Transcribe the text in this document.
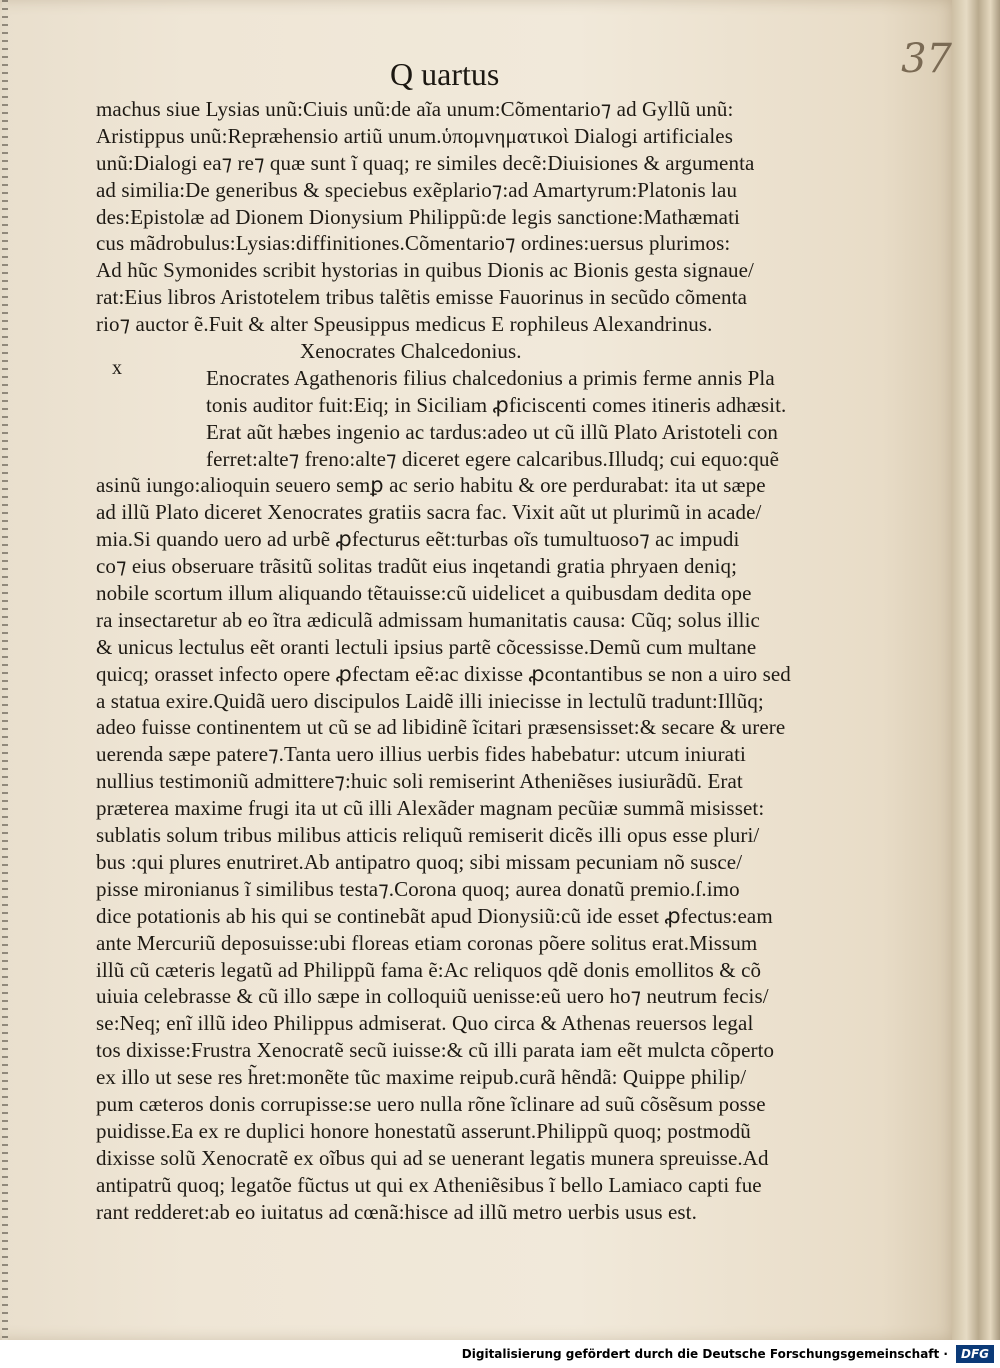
37
Q uartus
x
machus siue Lysias unũ:Ciuis unũ:de aĩa unum:Cõmentario⁊ ad Gyllũ unũ:
Aristippus unũ:Repræhensio artiũ unum.ὑπομνηματικοὶ Dialogi artificiales
unũ:Dialogi ea⁊ re⁊ quæ sunt ĩ quaq; re similes decẽ:Diuisiones & argumenta
ad similia:De generibus & speciebus exẽplario⁊:ad Amartyrum:Platonis lau
des:Epistolæ ad Dionem Dionysium Philippũ:de legis sanctione:Mathæmati
cus mãdrobulus:Lysias:diffinitiones.Cõmentario⁊ ordines:uersus plurimos:
Ad hũc Symonides scribit hystorias in quibus Dionis ac Bionis gesta signaue/
rat:Eius libros Aristotelem tribus talẽtis emisse Fauorinus in secũdo cõmenta
rio⁊ auctor ẽ.Fuit & alter Speusippus medicus E rophileus Alexandrinus.
Xenocrates Chalcedonius.
Enocrates Agathenoris filius chalcedonius a primis ferme annis Pla
tonis auditor fuit:Eiq; in Siciliam ꝓficiscenti comes itineris adhæsit.
Erat aũt hæbes ingenio ac tardus:adeo ut cũ illũ Plato Aristoteli con
ferret:alte⁊ freno:alte⁊ diceret egere calcaribus.Illudq; cui equo:quẽ
asinũ iungo:alioquin seuero semꝑ ac serio habitu & ore perdurabat: ita ut sæpe
ad illũ Plato diceret Xenocrates gratiis sacra fac. Vixit aũt ut plurimũ in acade/
mia.Si quando uero ad urbẽ ꝓfecturus eẽt:turbas oĩs tumultuoso⁊ ac impudi
co⁊ eius obseruare trãsitũ solitas tradũt eius inqetandi gratia phryaen deniq;
nobile scortum illum aliquando tẽtauisse:cũ uidelicet a quibusdam dedita ope
ra insectaretur ab eo ĩtra ædiculã admissam humanitatis causa: Cũq; solus illic
& unicus lectulus eẽt oranti lectuli ipsius partẽ cõcessisse.Demũ cum multane
quicq; orasset infecto opere ꝓfectam eẽ:ac dixisse ꝓcontantibus se non a uiro sed
a statua exire.Quidã uero discipulos Laidẽ illi iniecisse in lectulũ tradunt:Illũq;
adeo fuisse continentem ut cũ se ad libidinẽ ĩcitari præsensisset:& secare & urere
uerenda sæpe patere⁊.Tanta uero illius uerbis fides habebatur: utcum iniurati
nullius testimoniũ admittere⁊:huic soli remiserint Atheniẽses iusiurãdũ. Erat
præterea maxime frugi ita ut cũ illi Alexãder magnam pecũiæ summã misisset:
sublatis solum tribus milibus atticis reliquũ remiserit dicẽs illi opus esse pluri/
bus :qui plures enutriret.Ab antipatro quoq; sibi missam pecuniam nõ susce/
pisse mironianus ĩ similibus testa⁊.Corona quoq; aurea donatũ premio.ſ.imo
dice potationis ab his qui se continebãt apud Dionysiũ:cũ ide esset ꝓfectus:eam
ante Mercuriũ deposuisse:ubi floreas etiam coronas põere solitus erat.Missum
illũ cũ cæteris legatũ ad Philippũ fama ẽ:Ac reliquos qdẽ donis emollitos & cõ
uiuia celebrasse & cũ illo sæpe in colloquiũ uenisse:eũ uero ho⁊ neutrum fecis/
se:Neq; enĩ illũ ideo Philippus admiserat. Quo circa & Athenas reuersos legal
tos dixisse:Frustra Xenocratẽ secũ iuisse:& cũ illi parata iam eẽt mulcta cõperto
ex illo ut sese res h̃ret:monẽte tũc maxime reipub.curã hẽndã: Quippe philip/
pum cæteros donis corrupisse:se uero nulla rõne ĩclinare ad suũ cõsẽsum posse
puidisse.Ea ex re duplici honore honestatũ asserunt.Philippũ quoq; postmodũ
dixisse solũ Xenocratẽ ex oĩbus qui ad se uenerant legatis munera spreuisse.Ad
antipatrũ quoq; legatõe fũctus ut qui ex Atheniẽsibus ĩ bello Lamiaco capti fue
rant redderet:ab eo iuitatus ad cœnã:hisce ad illũ metro uerbis usus est.
Digitalisierung gefördert durch die Deutsche Forschungsgemeinschaft ·	DFG
